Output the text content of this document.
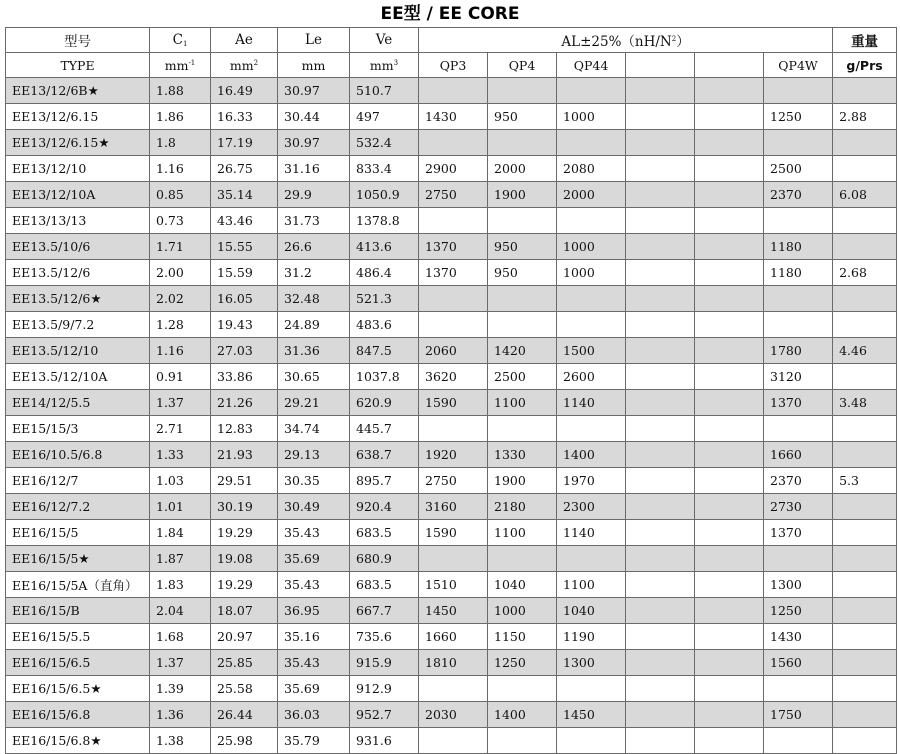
EE型 / EE CORE
型号	$C_1$	Ae	Le	Ve	$AL\pm 25\%(nH/N^2)$						重量
TYPE	$mm^{-1}$	$mm^2$	mm	$mm^3$	QP3	QP4	QP44			QP4W	g/Prs
EE13/12/6B★	1.88	16.49	30.97	510.7							
EE13/12/6.15	1.86	16.33	30.44	497	1430	950	1000			1250	2.88
EE13/12/6.15★	1.8	17.19	30.97	532.4							
EE13/12/10	1.16	26.75	31.16	833.4	2900	2000	2080			2500	
EE13/12/10A	0.85	35.14	29.9	1050.9	2750	1900	2000			2370	6.08
EE13/13/13	0.73	43.46	31.73	1378.8							
EE13.5/10/6	1.71	15.55	26.6	413.6	1370	950	1000			1180	
EE13.5/12/6	2.00	15.59	31.2	486.4	1370	950	1000			1180	2.68
EE13.5/12/6★	2.02	16.05	32.48	521.3							
EE13.5/9/7.2	1.28	19.43	24.89	483.6							
EE13.5/12/10	1.16	27.03	31.36	847.5	2060	1420	1500			1780	4.46
EE13.5/12/10A	0.91	33.86	30.65	1037.8	3620	2500	2600			3120	
EE14/12/5.5	1.37	21.26	29.21	620.9	1590	1100	1140			1370	3.48
EE15/15/3	2.71	12.83	34.74	445.7							
EE16/10.5/6.8	1.33	21.93	29.13	638.7	1920	1330	1400			1660	
EE16/12/7	1.03	29.51	30.35	895.7	2750	1900	1970			2370	5.3
EE16/12/7.2	1.01	30.19	30.49	920.4	3160	2180	2300			2730	
EE16/15/5	1.84	19.29	35.43	683.5	1590	1100	1140			1370	
EE16/15/5★	1.87	19.08	35.69	680.9							
EE16/15/5A（直角）	1.83	19.29	35.43	683.5	1510	1040	1100			1300	
EE16/15/B	2.04	18.07	36.95	667.7	1450	1000	1040			1250	
EE16/15/5.5	1.68	20.97	35.16	735.6	1660	1150	1190			1430	
EE16/15/6.5	1.37	25.85	35.43	915.9	1810	1250	1300			1560	
EE16/15/6.5★	1.39	25.58	35.69	912.9							
EE16/15/6.8	1.36	26.44	36.03	952.7	2030	1400	1450			1750	
EE16/15/6.8★	1.38	25.98	35.79	931.6							
